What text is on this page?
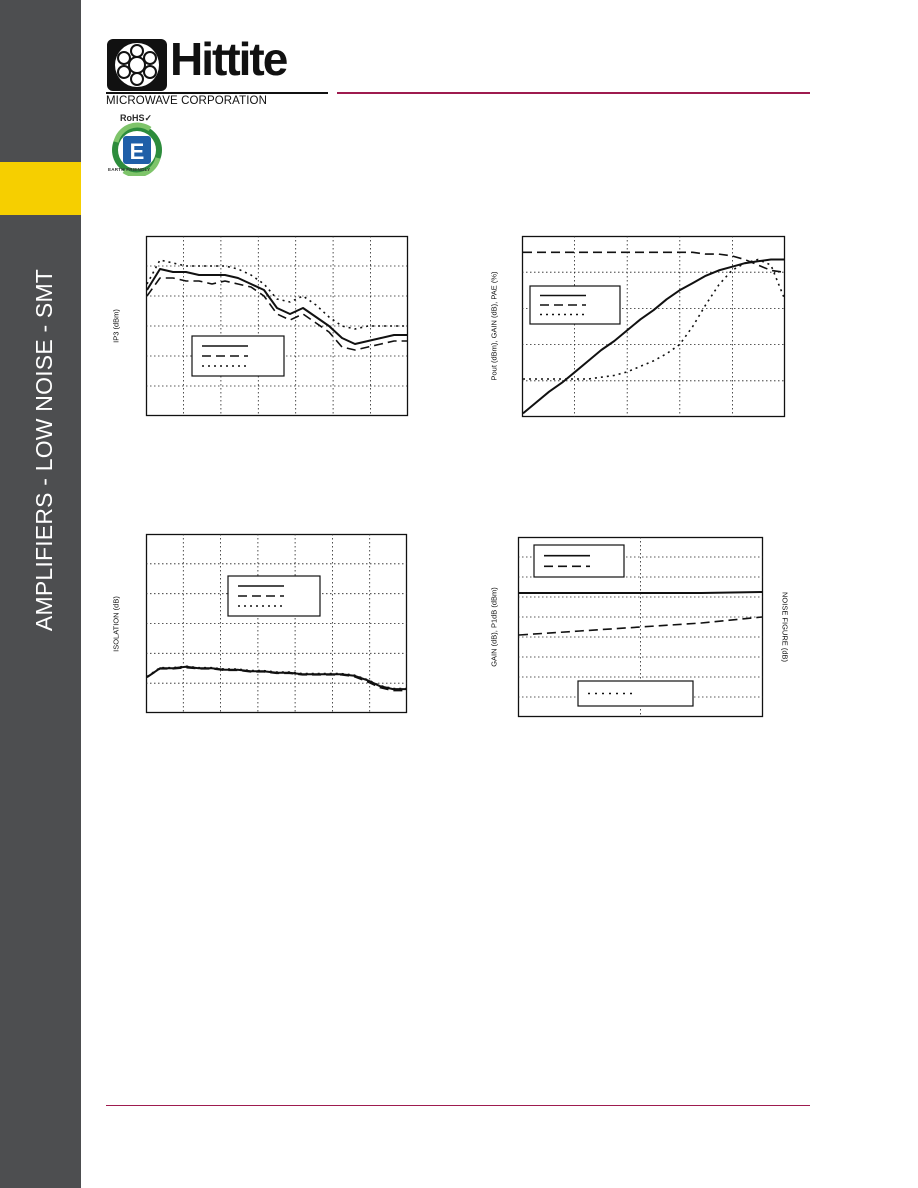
AMPLIFIERS - LOW NOISE - SMT
Hittite
MICROWAVE CORPORATION
E
RoHS✓
EARTH FRIENDLY
IP3 (dBm)	Pout (dBm), GAIN (dB), PAE (%)
ISOLATION (dB)	GAIN (dB), P1dB (dBm)	NOISE FIGURE (dB)
